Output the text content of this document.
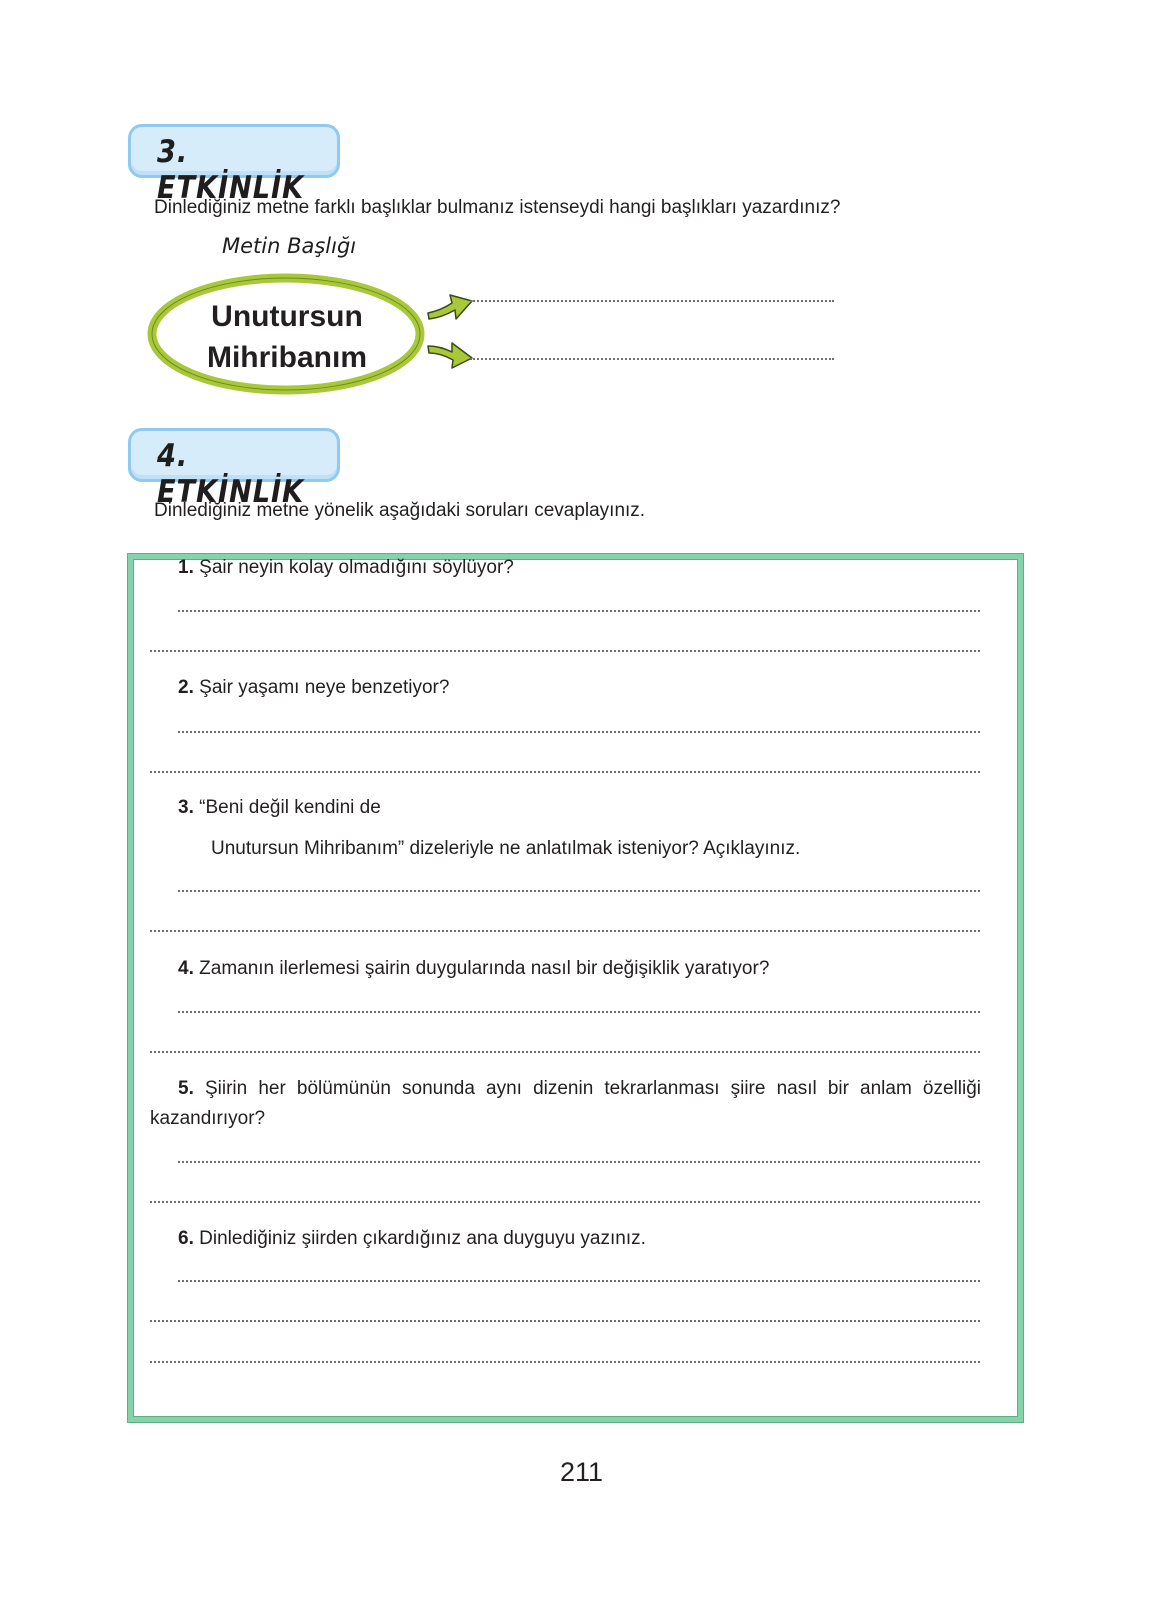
3. ETKİNLİK
Dinlediğiniz metne farklı başlıklar bulmanız istenseydi hangi başlıkları yazardınız?
Metin Başlığı
Unutursun
Mihribanım
4. ETKİNLİK
Dinlediğiniz metne yönelik aşağıdaki soruları cevaplayınız.
1. Şair neyin kolay olmadığını söylüyor?
2. Şair yaşamı neye benzetiyor?
3. “Beni değil kendini de
Unutursun Mihribanım” dizeleriyle ne anlatılmak isteniyor? Açıklayınız.
4. Zamanın ilerlemesi şairin duygularında nasıl bir değişiklik yaratıyor?
5. Şiirin her bölümünün sonunda aynı dizenin tekrarlanması şiire nasıl bir anlam özelliği
kazandırıyor?
6. Dinlediğiniz şiirden çıkardığınız ana duyguyu yazınız.
211
